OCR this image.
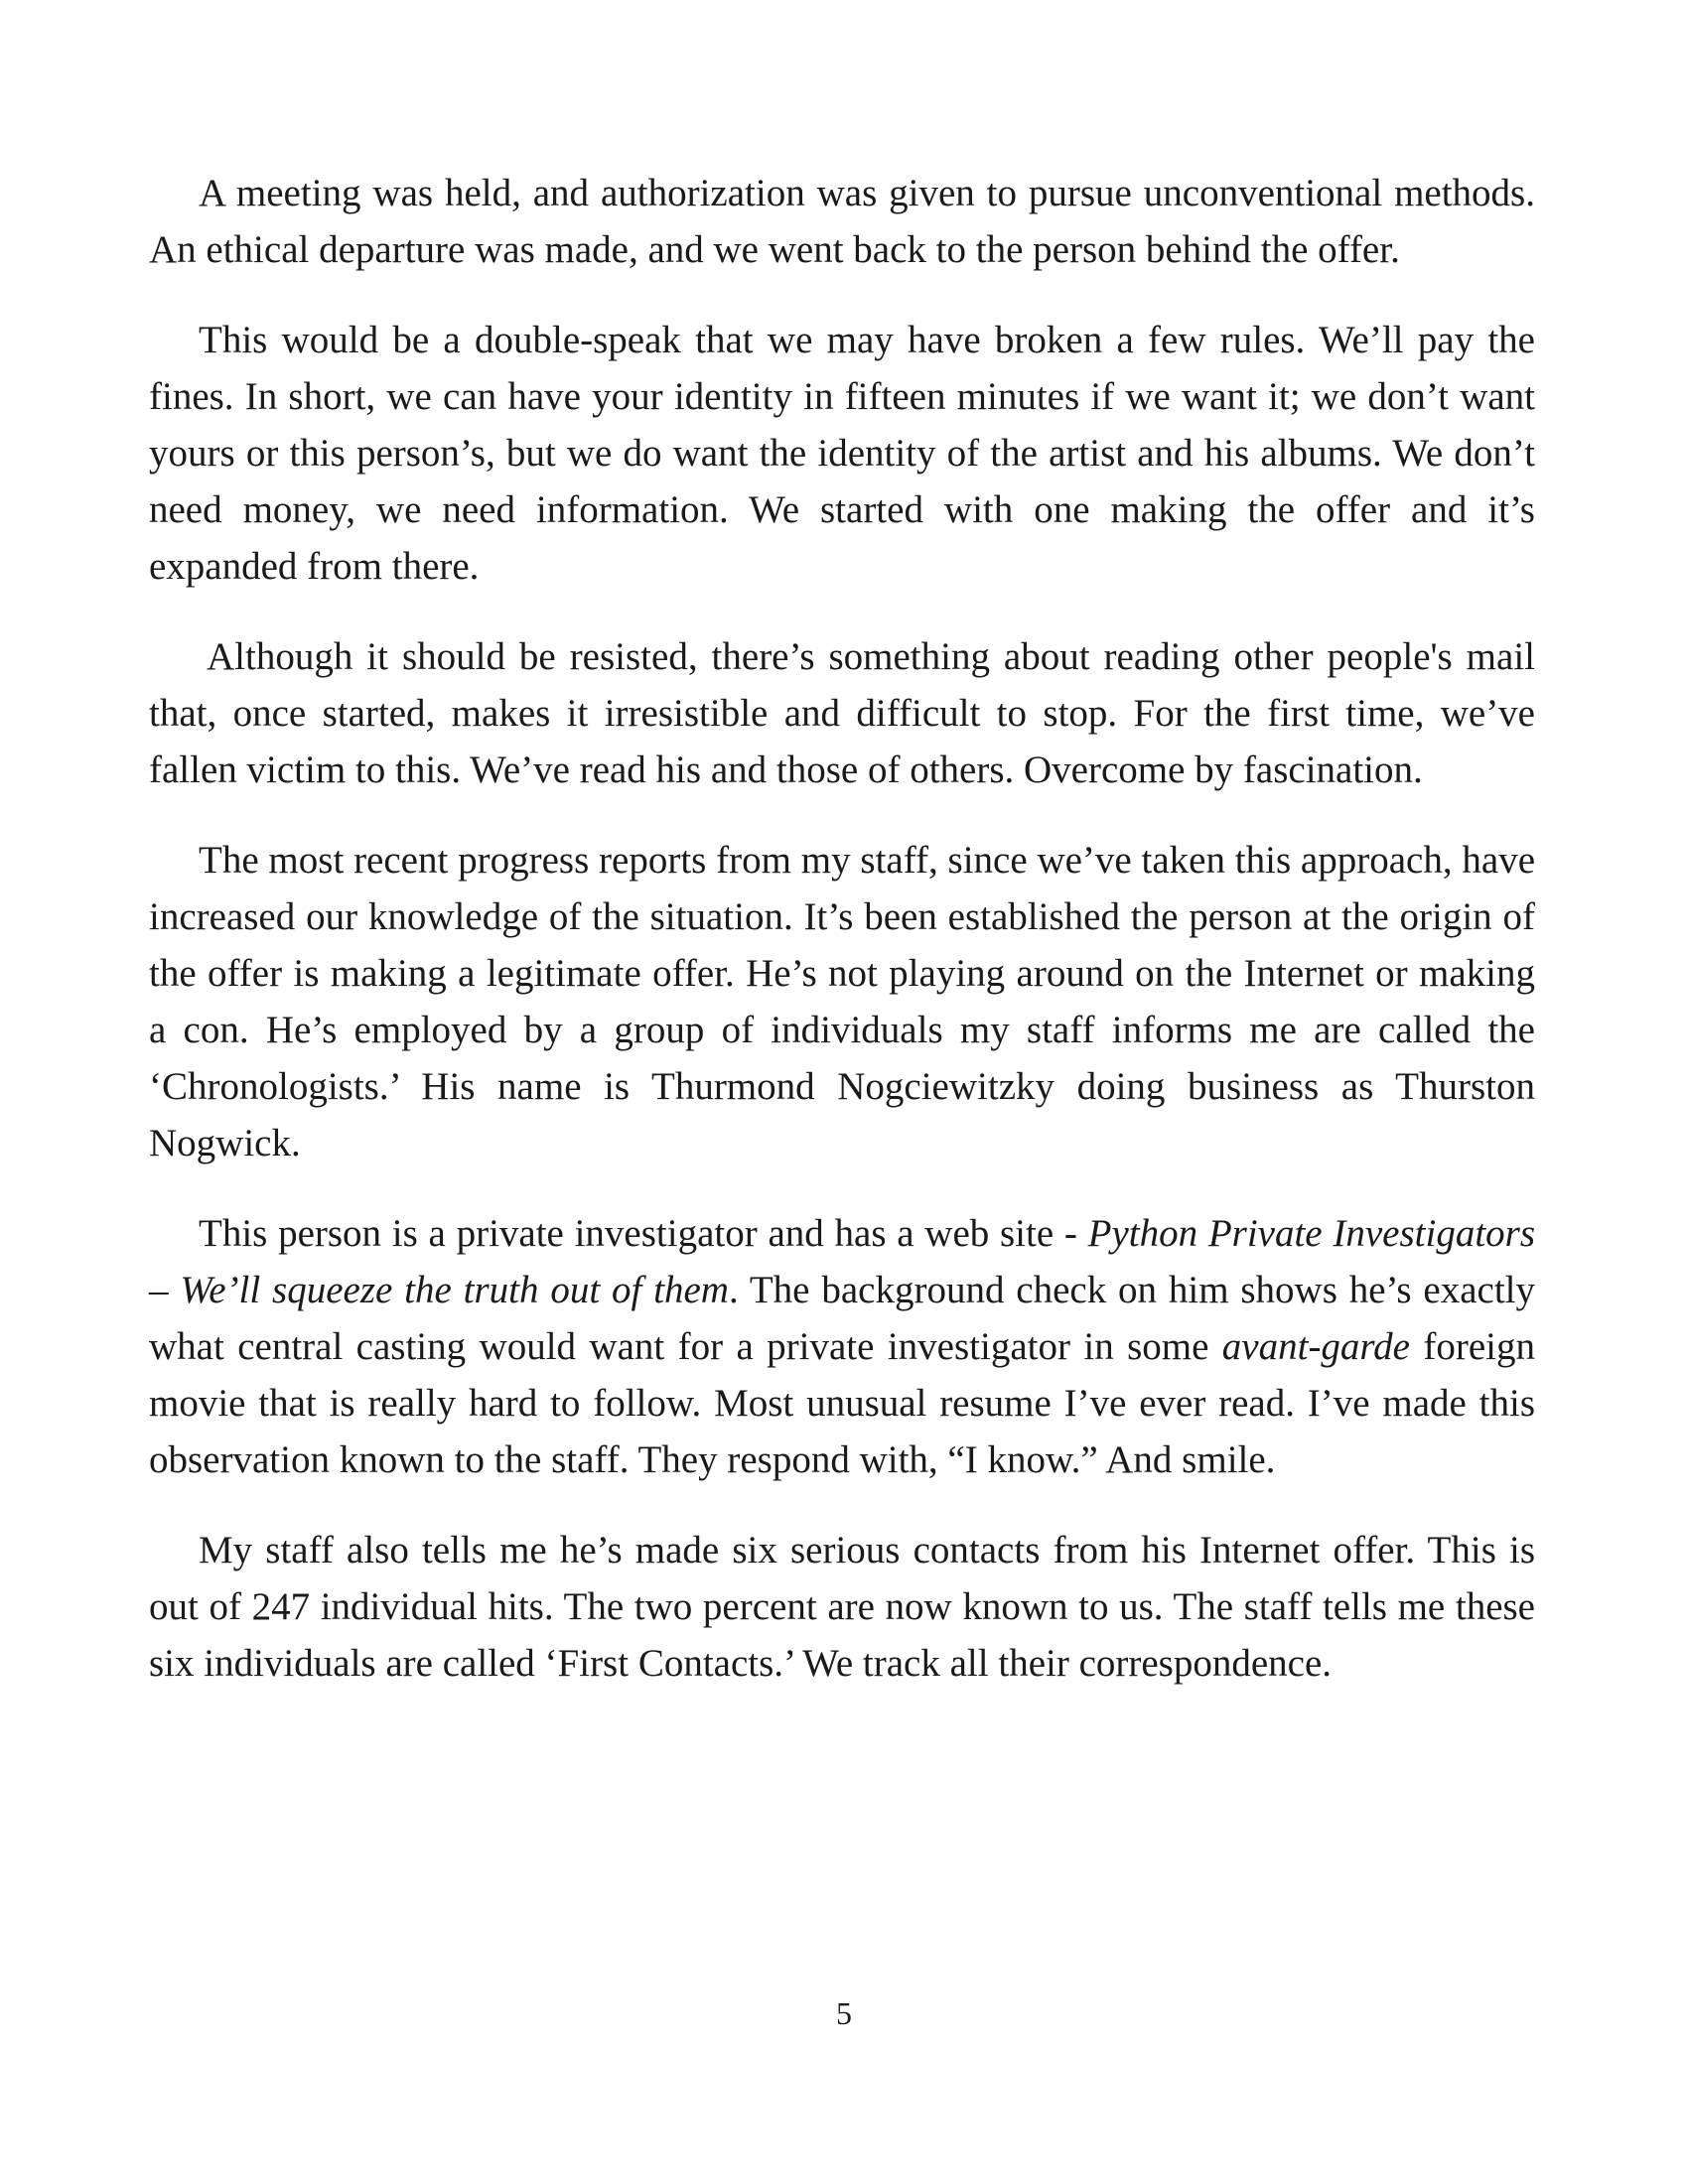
A meeting was held, and authorization was given to pursue unconventional methods. An ethical departure was made, and we went back to the person behind the offer.

This would be a double-speak that we may have broken a few rules. We’ll pay the fines. In short, we can have your identity in fifteen minutes if we want it; we don’t want yours or this person’s, but we do want the identity of the artist and his albums. We don’t need money, we need information. We started with one making the offer and it’s expanded from there.

Although it should be resisted, there’s something about reading other people's mail that, once started, makes it irresistible and difficult to stop. For the first time, we’ve fallen victim to this. We’ve read his and those of others. Overcome by fascination.

The most recent progress reports from my staff, since we’ve taken this approach, have increased our knowledge of the situation. It’s been established the person at the origin of the offer is making a legitimate offer. He’s not playing around on the Internet or making a con. He’s employed by a group of individuals my staff informs me are called the ‘Chronologists.’ His name is Thurmond Nogciewitzky doing business as Thurston Nogwick.

This person is a private investigator and has a web site - Python Private Investigators – We’ll squeeze the truth out of them. The background check on him shows he’s exactly what central casting would want for a private investigator in some avant-garde foreign movie that is really hard to follow. Most unusual resume I’ve ever read. I’ve made this observation known to the staff. They respond with, “I know.” And smile.

My staff also tells me he’s made six serious contacts from his Internet offer. This is out of 247 individual hits. The two percent are now known to us. The staff tells me these six individuals are called ‘First Contacts.’ We track all their correspondence.

5
